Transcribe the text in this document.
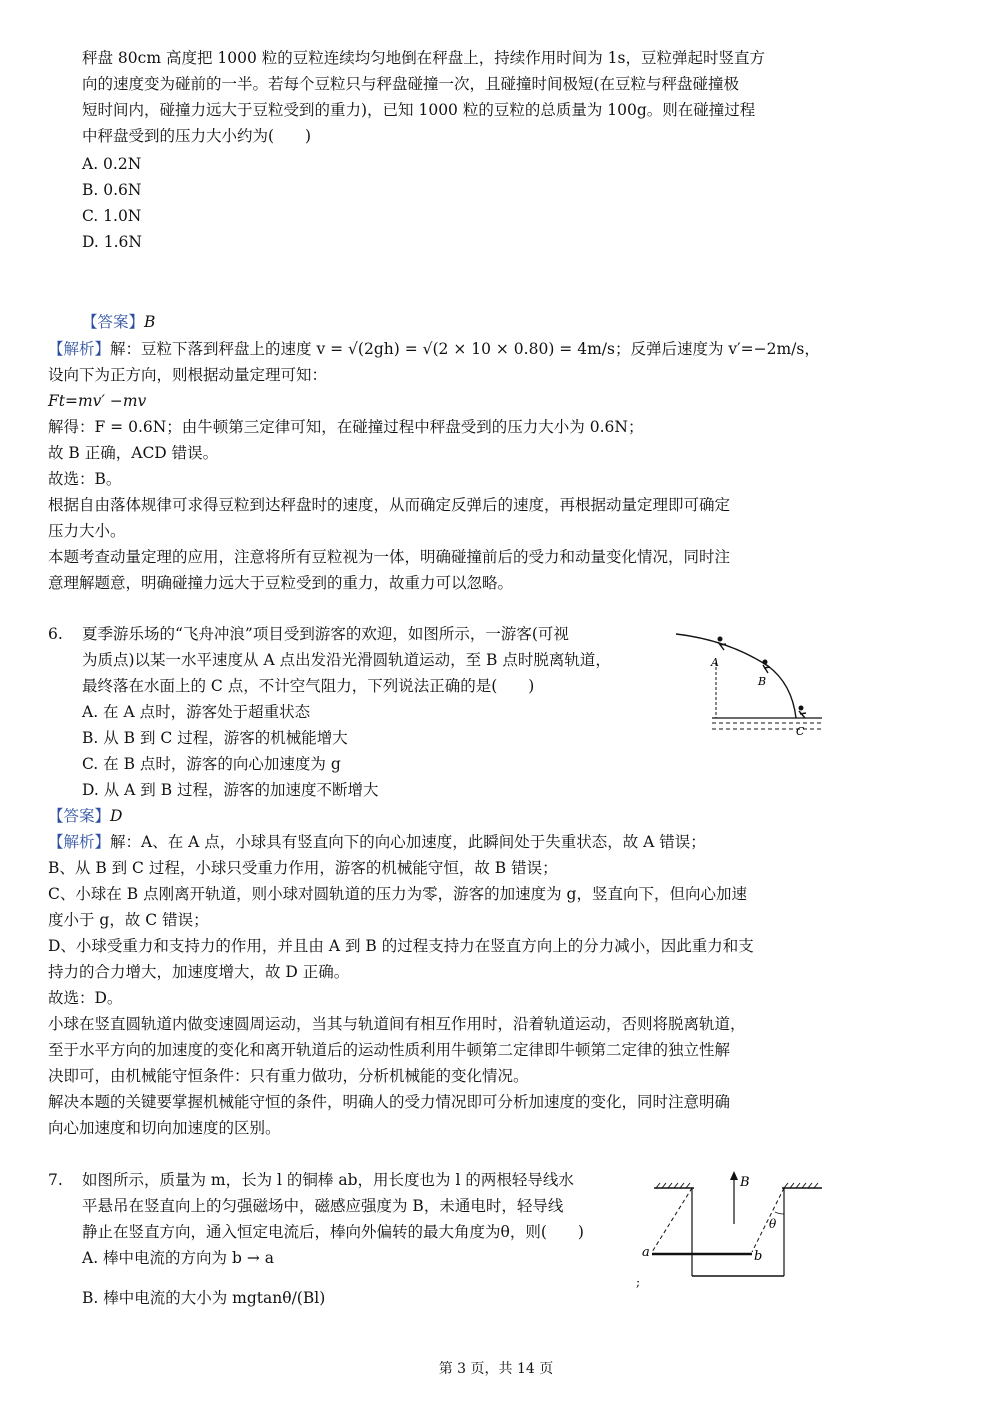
秤盘 80cm 高度把 1000 粒的豆粒连续均匀地倒在秤盘上，持续作用时间为 1s，豆粒弹起时竖直方
向的速度变为碰前的一半。若每个豆粒只与秤盘碰撞一次，且碰撞时间极短(在豆粒与秤盘碰撞极
短时间内，碰撞力远大于豆粒受到的重力)，已知 1000 粒的豆粒的总质量为 100g。则在碰撞过程
中秤盘受到的压力大小约为(　　)
A. 0.2N
B. 0.6N
C. 1.0N
D. 1.6N
【答案】B
【解析】解：豆粒下落到秤盘上的速度 v = √(2gh) = √(2 × 10 × 0.80) = 4m/s；反弹后速度为 v′=−2m/s，
设向下为正方向，则根据动量定理可知：
Ft=mv′ −mv
解得：F = 0.6N；由牛顿第三定律可知，在碰撞过程中秤盘受到的压力大小为 0.6N；
故 B 正确，ACD 错误。
故选：B。
根据自由落体规律可求得豆粒到达秤盘时的速度，从而确定反弹后的速度，再根据动量定理即可确定
压力大小。
本题考查动量定理的应用，注意将所有豆粒视为一体，明确碰撞前后的受力和动量变化情况，同时注
意理解题意，明确碰撞力远大于豆粒受到的重力，故重力可以忽略。
6. 夏季游乐场的“飞舟冲浪”项目受到游客的欢迎，如图所示，一游客(可视
为质点)以某一水平速度从 A 点出发沿光滑圆轨道运动，至 B 点时脱离轨道，
最终落在水面上的 C 点，不计空气阻力，下列说法正确的是(　　)
A. 在 A 点时，游客处于超重状态
B. 从 B 到 C 过程，游客的机械能增大
C. 在 B 点时，游客的向心加速度为 g
D. 从 A 到 B 过程，游客的加速度不断增大
A
B
C
【答案】D
【解析】解：A、在 A 点，小球具有竖直向下的向心加速度，此瞬间处于失重状态，故 A 错误；
B、从 B 到 C 过程，小球只受重力作用，游客的机械能守恒，故 B 错误；
C、小球在 B 点刚离开轨道，则小球对圆轨道的压力为零，游客的加速度为 g，竖直向下，但向心加速
度小于 g，故 C 错误；
D、小球受重力和支持力的作用，并且由 A 到 B 的过程支持力在竖直方向上的分力减小，因此重力和支
持力的合力增大，加速度增大，故 D 正确。
故选：D。
小球在竖直圆轨道内做变速圆周运动，当其与轨道间有相互作用时，沿着轨道运动，否则将脱离轨道，
至于水平方向的加速度的变化和离开轨道后的运动性质利用牛顿第二定律即牛顿第二定律的独立性解
决即可，由机械能守恒条件：只有重力做功，分析机械能的变化情况。
解决本题的关键要掌握机械能守恒的条件，明确人的受力情况即可分析加速度的变化，同时注意明确
向心加速度和切向加速度的区别。
7. 如图所示，质量为 m，长为 l 的铜棒 ab，用长度也为 l 的两根轻导线水
平悬吊在竖直向上的匀强磁场中，磁感应强度为 B，未通电时，轻导线
静止在竖直方向，通入恒定电流后，棒向外偏转的最大角度为θ，则(　　)
A. 棒中电流的方向为 b → a
B. 棒中电流的大小为 mgtanθ/(Bl)
B
θ
a	b
;
第 3 页，共 14 页
